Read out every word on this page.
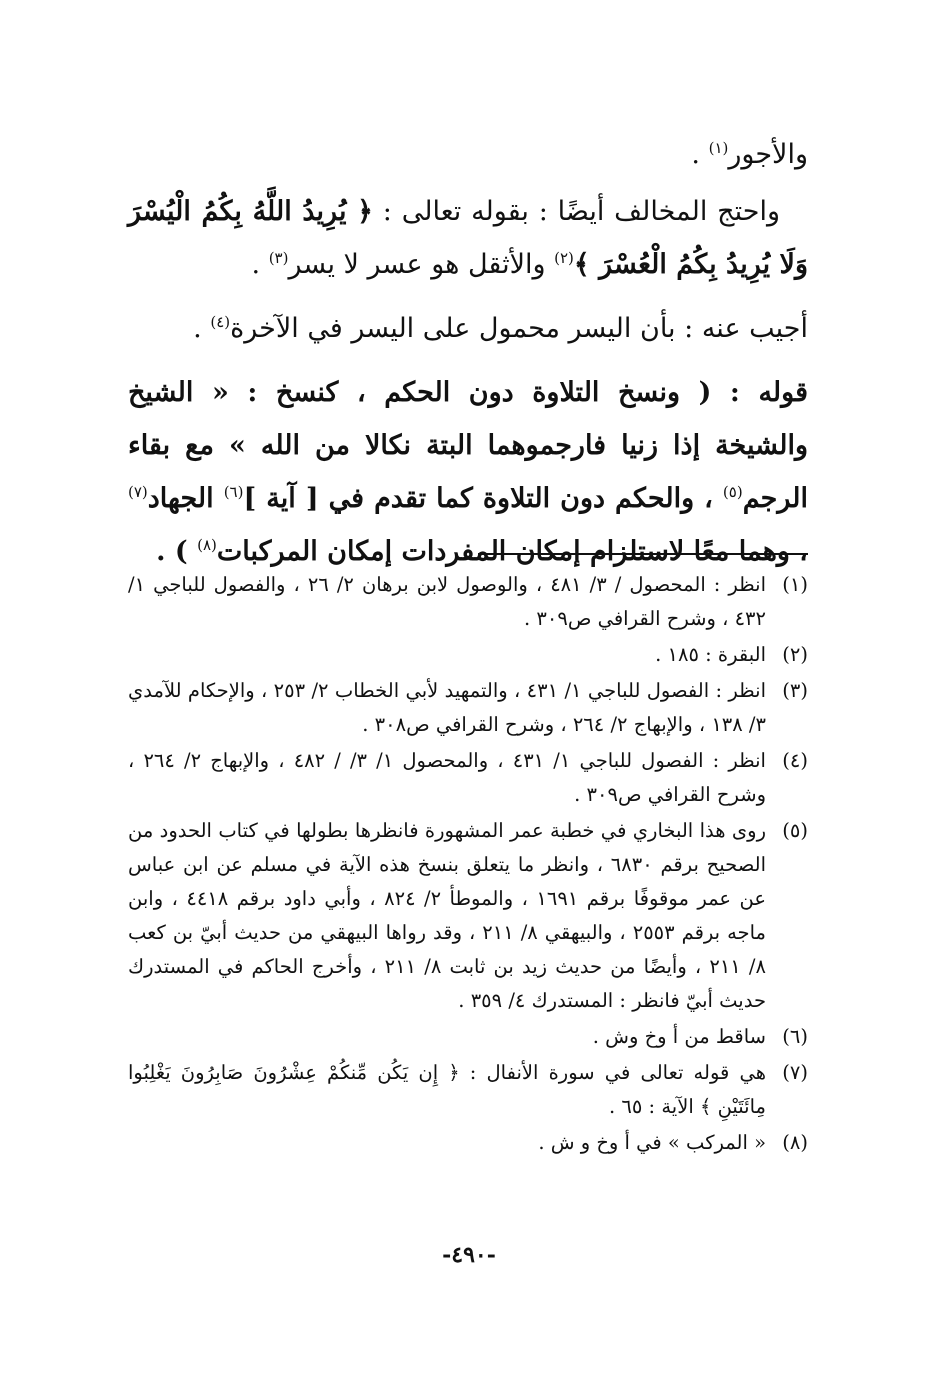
والأجور$^{(١)}$ .

واحتج المخالف أيضًا : بقوله تعالى : ﴿ يُرِيدُ اللَّهُ بِكُمُ الْيُسْرَ وَلَا يُرِيدُ بِكُمُ الْعُسْرَ ﴾$^{(٢)}$ والأثقل هو عسر لا يسر$^{(٣)}$ .

أجيب عنه : بأن اليسر محمول على اليسر في الآخرة$^{(٤)}$ .

قوله : ( ونسخ التلاوة دون الحكم ، كنسخ : « الشيخ والشيخة إذا زنيا فارجموهما البتة نكالا من الله » مع بقاء الرجم$^{(٥)}$ ، والحكم دون التلاوة كما تقدم في [ آية ]$^{(٦)}$ الجهاد$^{(٧)}$ ، وهما معًا لاستلزام إمكان المفردات إمكان المركبات$^{(٨)}$ ) .

(١)
انظر : المحصول / ٣/ ٤٨١ ، والوصول لابن برهان ٢/ ٢٦ ، والفصول للباجي ١/ ٤٣٢ ، وشرح القرافي ص٣٠٩ .
(٢)
البقرة : ١٨٥ .
(٣)
انظر : الفصول للباجي ١/ ٤٣١ ، والتمهيد لأبي الخطاب ٢/ ٢٥٣ ، والإحكام للآمدي ٣/ ١٣٨ ، والإبهاج ٢/ ٢٦٤ ، وشرح القرافي ص٣٠٨ .
(٤)
انظر : الفصول للباجي ١/ ٤٣١ ، والمحصول ١/ ٣/ / ٤٨٢ ، والإبهاج ٢/ ٢٦٤ ، وشرح القرافي ص٣٠٩ .
(٥)
روى هذا البخاري في خطبة عمر المشهورة فانظرها بطولها في كتاب الحدود من الصحيح برقم ٦٨٣٠ ، وانظر ما يتعلق بنسخ هذه الآية في مسلم عن ابن عباس عن عمر موقوفًا برقم ١٦٩١ ، والموطأ ٢/ ٨٢٤ ، وأبي داود برقم ٤٤١٨ ، وابن ماجه برقم ٢٥٥٣ ، والبيهقي ٨/ ٢١١ ، وقد رواها البيهقي من حديث أبيّ بن كعب ٨/ ٢١١ ، وأيضًا من حديث زيد بن ثابت ٨/ ٢١١ ، وأخرج الحاكم في المستدرك حديث أبيّ فانظر : المستدرك ٤/ ٣٥٩ .
(٦)
ساقط من أ وخ وش .
(٧)
هي قوله تعالى في سورة الأنفال : ﴿ إِن يَكُن مِّنكُمْ عِشْرُونَ صَابِرُونَ يَغْلِبُوا مِائَتَيْنِ ﴾ الآية : ٦٥ .
(٨)
« المركب » في أ وخ و ش .
-٤٩٠-
